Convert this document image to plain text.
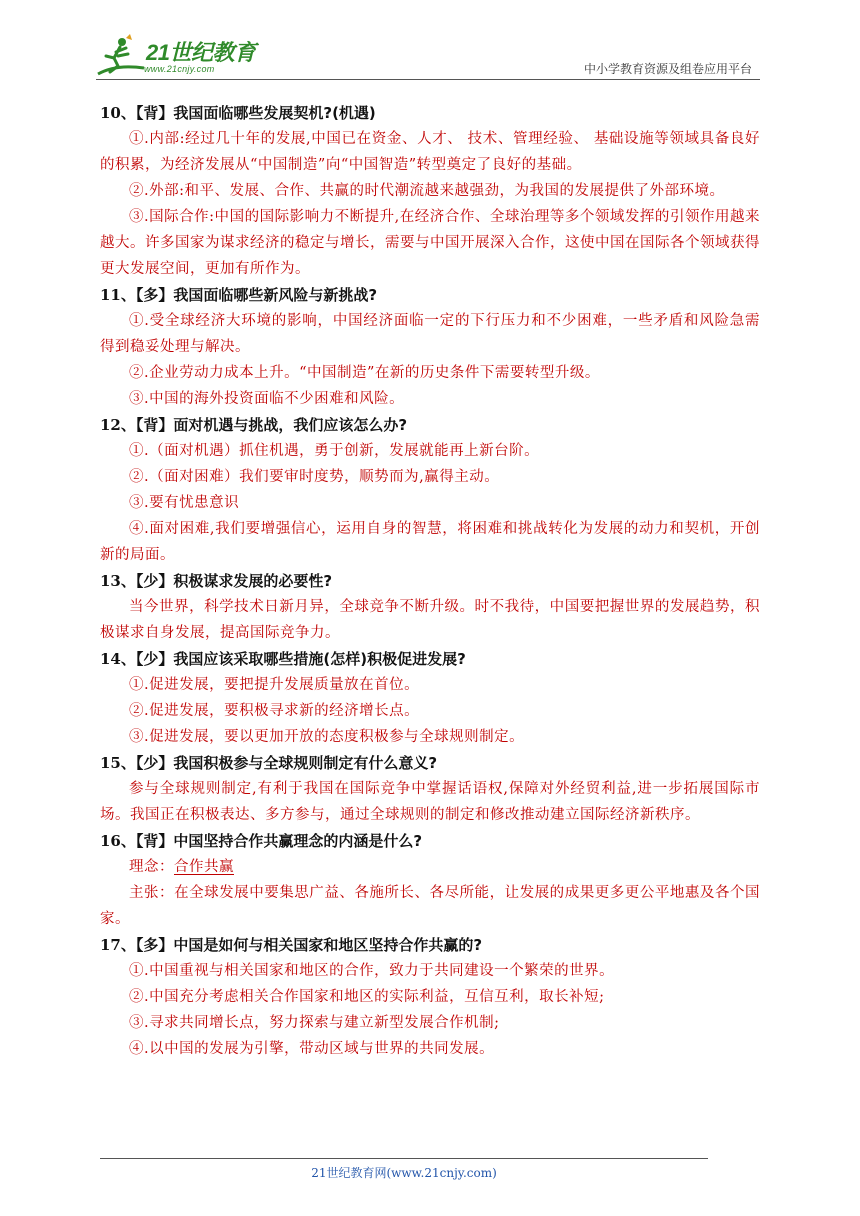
21世纪教育
www.21cnjy.com	中小学教育资源及组卷应用平台
10、【背】我国面临哪些发展契机?(机遇)
①.内部:经过几十年的发展,中国已在资金、人才、 技术、管理经验、 基础设施等领域具备良好的积累，为经济发展从“中国制造”向“中国智造”转型奠定了良好的基础。
②.外部:和平、发展、合作、共赢的时代潮流越来越强劲，为我国的发展提供了外部环境。
③.国际合作:中国的国际影响力不断提升,在经济合作、全球治理等多个领域发挥的引领作用越来越大。许多国家为谋求经济的稳定与增长，需要与中国开展深入合作，这使中国在国际各个领域获得更大发展空间，更加有所作为。
11、【多】我国面临哪些新风险与新挑战?
①.受全球经济大环境的影响，中国经济面临一定的下行压力和不少困难，一些矛盾和风险急需得到稳妥处理与解决。
②.企业劳动力成本上升。“中国制造”在新的历史条件下需要转型升级。
③.中国的海外投资面临不少困难和风险。
12、【背】面对机遇与挑战，我们应该怎么办?
①.（面对机遇）抓住机遇，勇于创新，发展就能再上新台阶。
②.（面对困难）我们要审时度势，顺势而为,赢得主动。
③.要有忧患意识
④.面对困难,我们要增强信心，运用自身的智慧，将困难和挑战转化为发展的动力和契机，开创新的局面。
13、【少】积极谋求发展的必要性?
当今世界，科学技术日新月异，全球竞争不断升级。时不我待，中国要把握世界的发展趋势，积极谋求自身发展，提高国际竞争力。
14、【少】我国应该采取哪些措施(怎样)积极促进发展?
①.促进发展，要把提升发展质量放在首位。
②.促进发展，要积极寻求新的经济增长点。
③.促进发展，要以更加开放的态度积极参与全球规则制定。
15、【少】我国积极参与全球规则制定有什么意义?
参与全球规则制定,有利于我国在国际竞争中掌握话语权,保障对外经贸利益,进一步拓展国际市场。我国正在积极表达、多方参与，通过全球规则的制定和修改推动建立国际经济新秩序。
16、【背】中国坚持合作共赢理念的内涵是什么?
理念：合作共赢
主张：在全球发展中要集思广益、各施所长、各尽所能，让发展的成果更多更公平地惠及各个国家。
17、【多】中国是如何与相关国家和地区坚持合作共赢的?
①.中国重视与相关国家和地区的合作，致力于共同建设一个繁荣的世界。
②.中国充分考虑相关合作国家和地区的实际利益，互信互利，取长补短;
③.寻求共同增长点，努力探索与建立新型发展合作机制;
④.以中国的发展为引擎，带动区域与世界的共同发展。
21世纪教育网(www.21cnjy.com)
